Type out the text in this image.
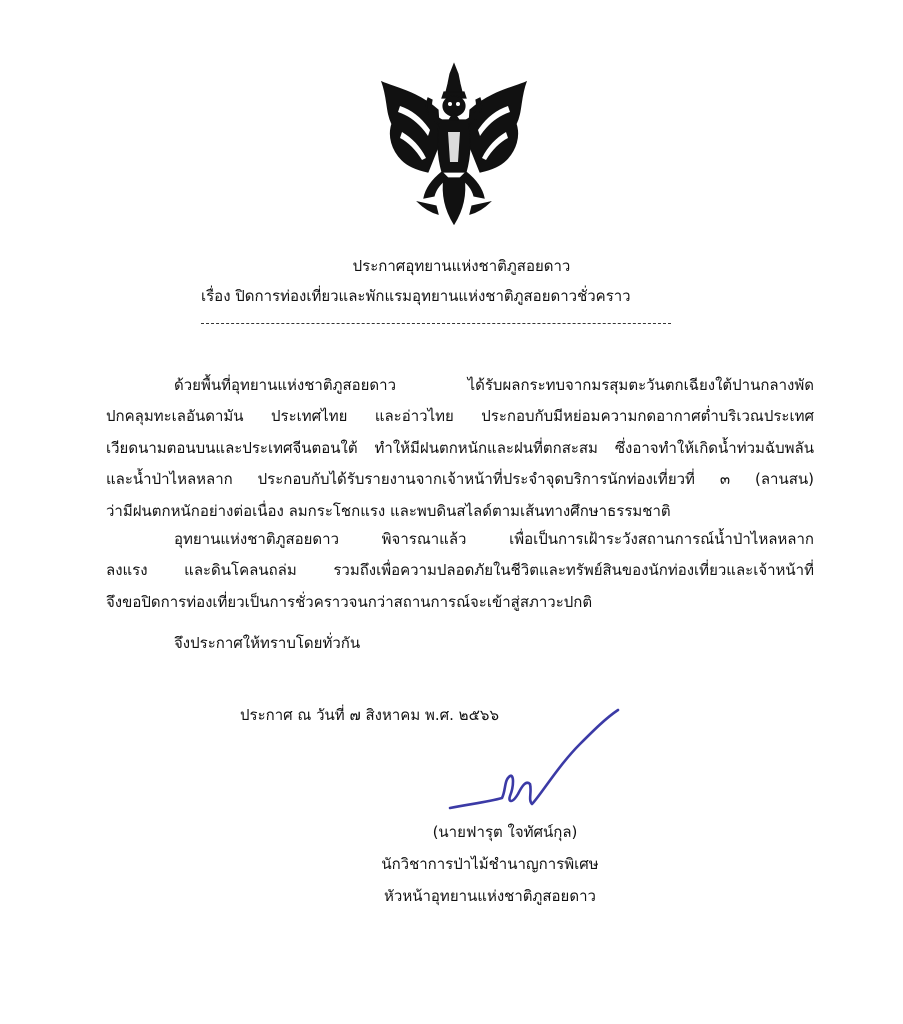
ประกาศอุทยานแห่งชาติภูสอยดาว
เรื่อง ปิดการท่องเที่ยวและพักแรมอุทยานแห่งชาติภูสอยดาวชั่วคราว
ด้วยพื้นที่อุทยานแห่งชาติภูสอยดาว ได้รับผลกระทบจากมรสุมตะวันตกเฉียงใต้ปานกลางพัด
ปกคลุมทะเลอันดามัน ประเทศไทย และอ่าวไทย ประกอบกับมีหย่อมความกดอากาศต่ำบริเวณประเทศ
เวียดนามตอนบนและประเทศจีนตอนใต้ ทำให้มีฝนตกหนักและฝนที่ตกสะสม ซึ่งอาจทำให้เกิดน้ำท่วมฉับพลัน
และน้ำป่าไหลหลาก ประกอบกับได้รับรายงานจากเจ้าหน้าที่ประจำจุดบริการนักท่องเที่ยวที่ ๓ (ลานสน)
ว่ามีฝนตกหนักอย่างต่อเนื่อง ลมกระโชกแรง และพบดินสไลด์ตามเส้นทางศึกษาธรรมชาติ
อุทยานแห่งชาติภูสอยดาว พิจารณาแล้ว เพื่อเป็นการเฝ้าระวังสถานการณ์น้ำป่าไหลหลาก
ลงแรง และดินโคลนถล่ม รวมถึงเพื่อความปลอดภัยในชีวิตและทรัพย์สินของนักท่องเที่ยวและเจ้าหน้าที่
จึงขอปิดการท่องเที่ยวเป็นการชั่วคราวจนกว่าสถานการณ์จะเข้าสู่สภาวะปกติ
จึงประกาศให้ทราบโดยทั่วกัน
ประกาศ ณ วันที่ ๗ สิงหาคม พ.ศ. ๒๕๖๖
(นายฟารุต ใจทัศน์กุล)
นักวิชาการป่าไม้ชำนาญการพิเศษ
หัวหน้าอุทยานแห่งชาติภูสอยดาว
